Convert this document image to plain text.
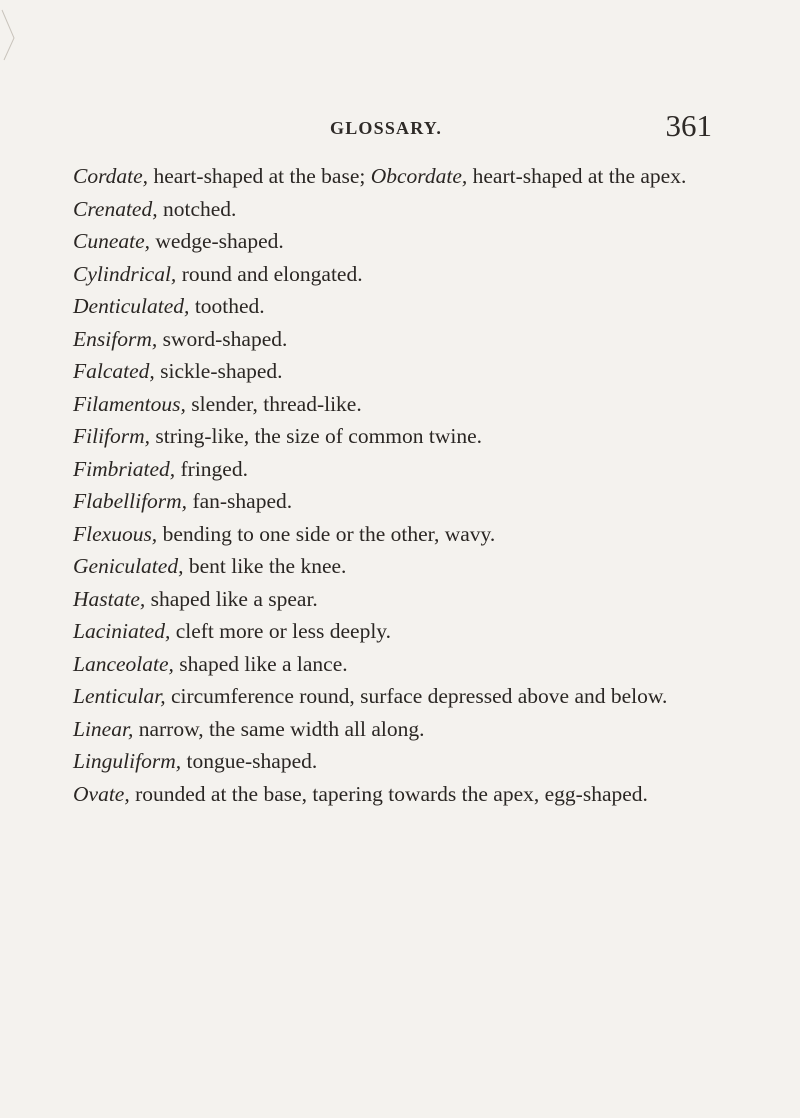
GLOSSARY.	361
Cordate, heart-shaped at the base; Obcordate, heart-shaped at the apex.
Crenated, notched.
Cuneate, wedge-shaped.
Cylindrical, round and elongated.
Denticulated, toothed.
Ensiform, sword-shaped.
Falcated, sickle-shaped.
Filamentous, slender, thread-like.
Filiform, string-like, the size of common twine.
Fimbriated, fringed.
Flabelliform, fan-shaped.
Flexuous, bending to one side or the other, wavy.
Geniculated, bent like the knee.
Hastate, shaped like a spear.
Laciniated, cleft more or less deeply.
Lanceolate, shaped like a lance.
Lenticular, circumference round, surface depressed above and below.
Linear, narrow, the same width all along.
Linguliform, tongue-shaped.
Ovate, rounded at the base, tapering towards the apex, egg-shaped.
